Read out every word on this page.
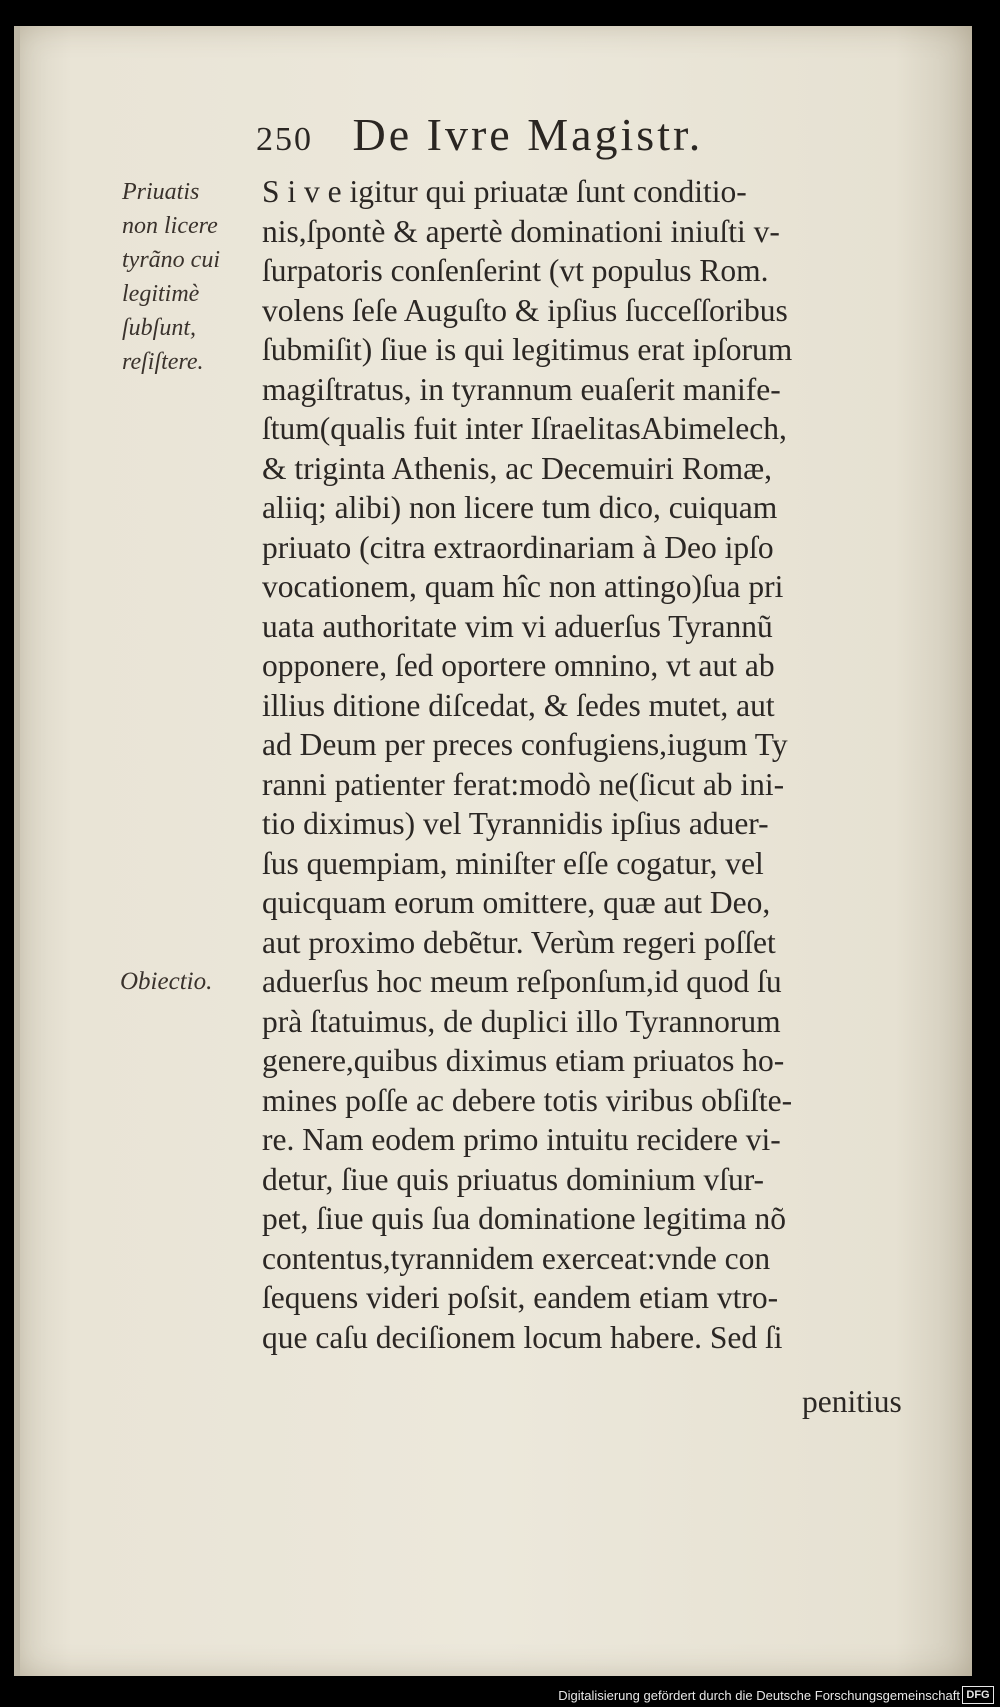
250 De Ivre Magistr.
Priuatis
non licere
tyrãno cui
legitimè
ſubſunt,
reſiſtere.
Obiectio.
S i v e igitur qui priuatæ ſunt conditio-
nis,ſpontè & apertè dominationi iniuſti v-
ſurpatoris conſenſerint (vt populus Rom.
volens ſeſe Auguſto & ipſius ſucceſſoribus
ſubmiſit) ſiue is qui legitimus erat ipſorum
magiſtratus, in tyrannum euaſerit manife-
ſtum(qualis fuit inter IſraelitasAbimelech,
& triginta Athenis, ac Decemuiri Romæ,
aliiq; alibi) non licere tum dico, cuiquam
priuato (citra extraordinariam à Deo ipſo
vocationem, quam hîc non attingo)ſua pri
uata authoritate vim vi aduerſus Tyrannũ
opponere, ſed oportere omnino, vt aut ab
illius ditione diſcedat, & ſedes mutet, aut
ad Deum per preces confugiens,iugum Ty
ranni patienter ferat:modò ne(ſicut ab ini-
tio diximus) vel Tyrannidis ipſius aduer-
ſus quempiam, miniſter eſſe cogatur, vel
quicquam eorum omittere, quæ aut Deo,
aut proximo debẽtur. Verùm regeri poſſet
aduerſus hoc meum reſponſum,id quod ſu
prà ſtatuimus, de duplici illo Tyrannorum
genere,quibus diximus etiam priuatos ho-
mines poſſe ac debere totis viribus obſiſte-
re. Nam eodem primo intuitu recidere vi-
detur, ſiue quis priuatus dominium vſur-
pet, ſiue quis ſua dominatione legitima nõ
contentus,tyrannidem exerceat:vnde con
ſequens videri poſsit, eandem etiam vtro-
que caſu deciſionem locum habere. Sed ſi
penitius
Digitalisierung gefördert durch die Deutsche Forschungsgemeinschaft DFG
